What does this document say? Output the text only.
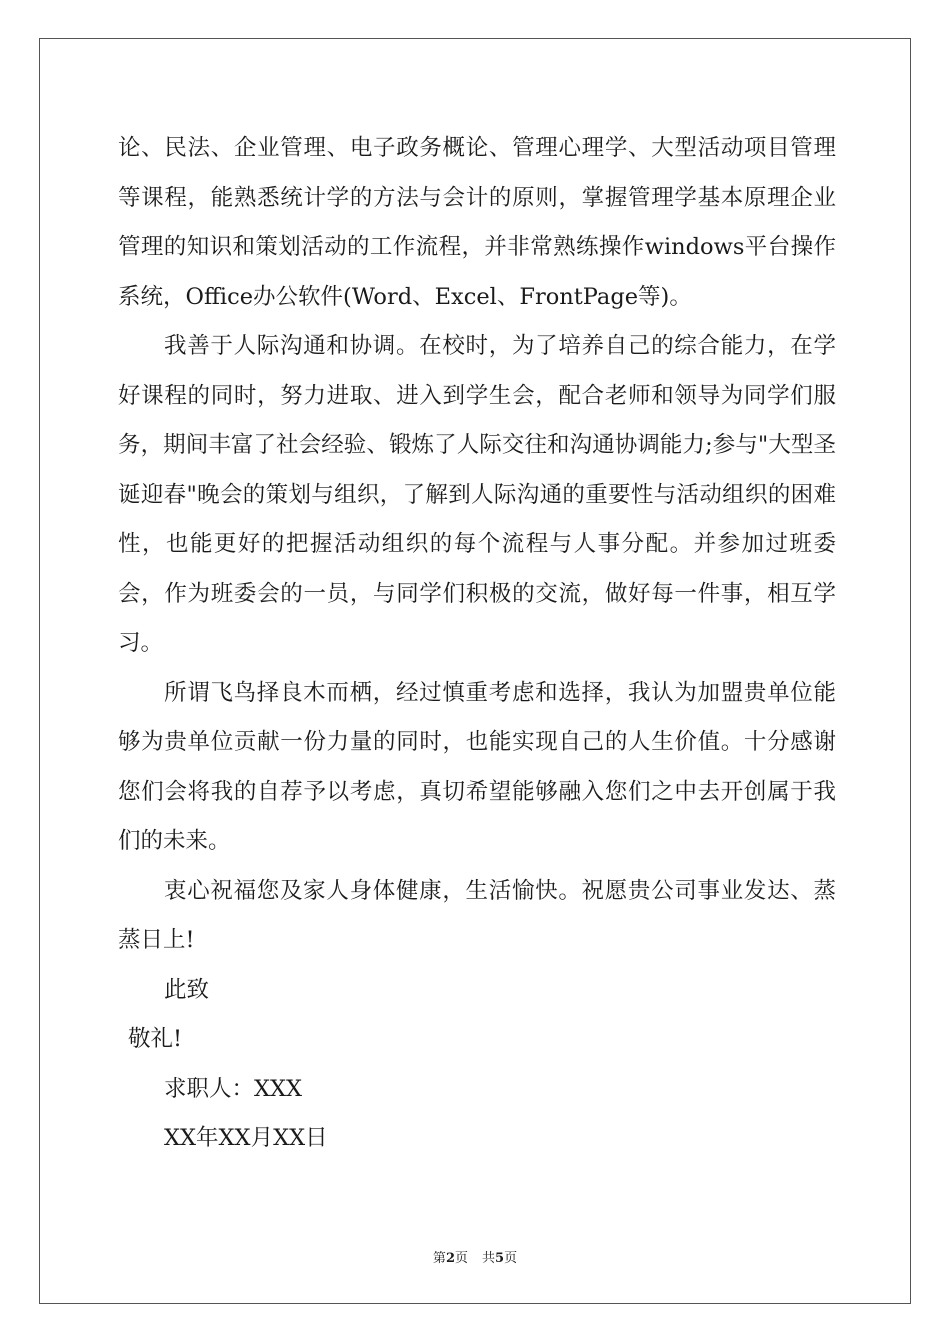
论、民法、企业管理、电子政务概论、管理心理学、大型活动项目管理等课程，能熟悉统计学的方法与会计的原则，掌握管理学基本原理企业管理的知识和策划活动的工作流程，并非常熟练操作windows平台操作系统，Office办公软件(Word、Excel、FrontPage等)。

我善于人际沟通和协调。在校时，为了培养自己的综合能力，在学好课程的同时，努力进取、进入到学生会，配合老师和领导为同学们服务，期间丰富了社会经验、锻炼了人际交往和沟通协调能力;参与"大型圣诞迎春"晚会的策划与组织，了解到人际沟通的重要性与活动组织的困难性，也能更好的把握活动组织的每个流程与人事分配。并参加过班委会，作为班委会的一员，与同学们积极的交流，做好每一件事，相互学习。

所谓飞鸟择良木而栖，经过慎重考虑和选择，我认为加盟贵单位能够为贵单位贡献一份力量的同时，也能实现自己的人生价值。十分感谢您们会将我的自荐予以考虑，真切希望能够融入您们之中去开创属于我们的未来。

衷心祝福您及家人身体健康，生活愉快。祝愿贵公司事业发达、蒸蒸日上!

此致

敬礼!

求职人：XXX

XX年XX月XX日

第2页 共5页
